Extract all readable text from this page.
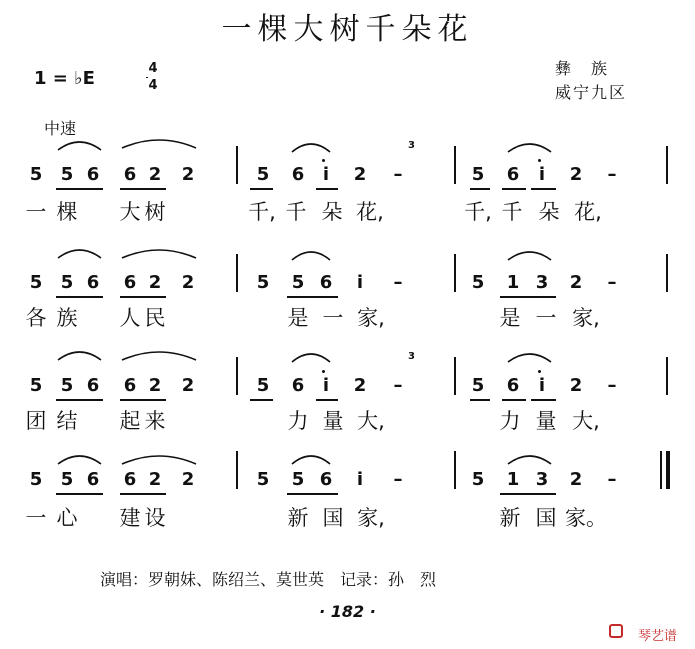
一棵大树千朵花
1 = ♭E	4
4
彝　族
威宁九区
中速
5	5 6	6 2	2	5	6	i	2	–	5	6	i	2	–
一 棵 大 树	千, 千 朵 花,	千, 千 朵 花,
3
5	5 6	6 2	2	5	5 6	i	–	5	1 3	2	–
各 族 人 民	是 一 家,	是 一 家,
5	5 6	6 2	2	5	6	i	2	–	5	6	i	2	–
团 结 起 来	力 量 大,	力 量 大,
3
5	5 6	6 2	2	5	5 6	i	–	5	1 3	2	–
一 心 建 设	新 国 家,	新 国 家。
演唱：罗朝妹、陈绍兰、莫世英　记录：孙　烈
· 182 ·
琴艺谱
